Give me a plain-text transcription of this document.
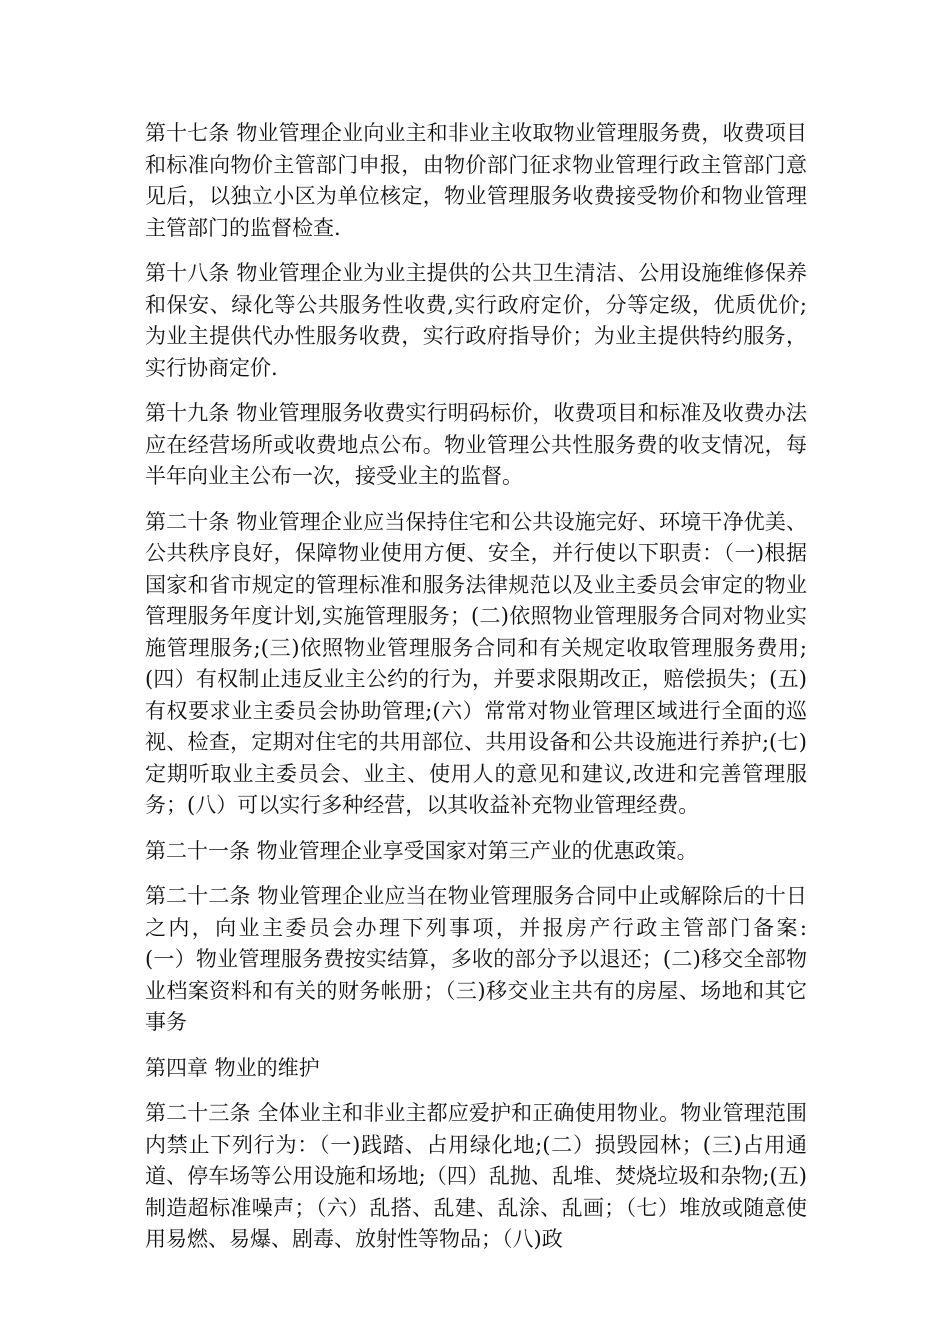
第十七条 物业管理企业向业主和非业主收取物业管理服务费，收费项目和标准向物价主管部门申报，由物价部门征求物业管理行政主管部门意见后，以独立小区为单位核定，物业管理服务收费接受物价和物业管理主管部门的监督检查.

第十八条 物业管理企业为业主提供的公共卫生清洁、公用设施维修保养和保安、绿化等公共服务性收费,实行政府定价，分等定级，优质优价;为业主提供代办性服务收费，实行政府指导价；为业主提供特约服务，实行协商定价.

第十九条 物业管理服务收费实行明码标价，收费项目和标准及收费办法应在经营场所或收费地点公布。物业管理公共性服务费的收支情况，每半年向业主公布一次，接受业主的监督。

第二十条 物业管理企业应当保持住宅和公共设施完好、环境干净优美、公共秩序良好，保障物业使用方便、安全，并行使以下职责：（一)根据国家和省市规定的管理标准和服务法律规范以及业主委员会审定的物业管理服务年度计划,实施管理服务；(二)依照物业管理服务合同对物业实施管理服务;(三)依照物业管理服务合同和有关规定收取管理服务费用;(四）有权制止违反业主公约的行为，并要求限期改正，赔偿损失；(五)有权要求业主委员会协助管理;(六）常常对物业管理区域进行全面的巡视、检查，定期对住宅的共用部位、共用设备和公共设施进行养护;(七)定期听取业主委员会、业主、使用人的意见和建议,改进和完善管理服务；(八）可以实行多种经营，以其收益补充物业管理经费。

第二十一条 物业管理企业享受国家对第三产业的优惠政策。

第二十二条 物业管理企业应当在物业管理服务合同中止或解除后的十日之内，向业主委员会办理下列事项，并报房产行政主管部门备案:　　(一）物业管理服务费按实结算，多收的部分予以退还；(二)移交全部物业档案资料和有关的财务帐册；（三)移交业主共有的房屋、场地和其它事务

第四章 物业的维护

第二十三条 全体业主和非业主都应爱护和正确使用物业。物业管理范围内禁止下列行为：（一)践踏、占用绿化地;(二）损毁园林；(三)占用通道、停车场等公用设施和场地;（四）乱抛、乱堆、焚烧垃圾和杂物;(五)制造超标准噪声；（六）乱搭、乱建、乱涂、乱画；（七）堆放或随意使用易燃、易爆、剧毒、放射性等物品；（八)政
